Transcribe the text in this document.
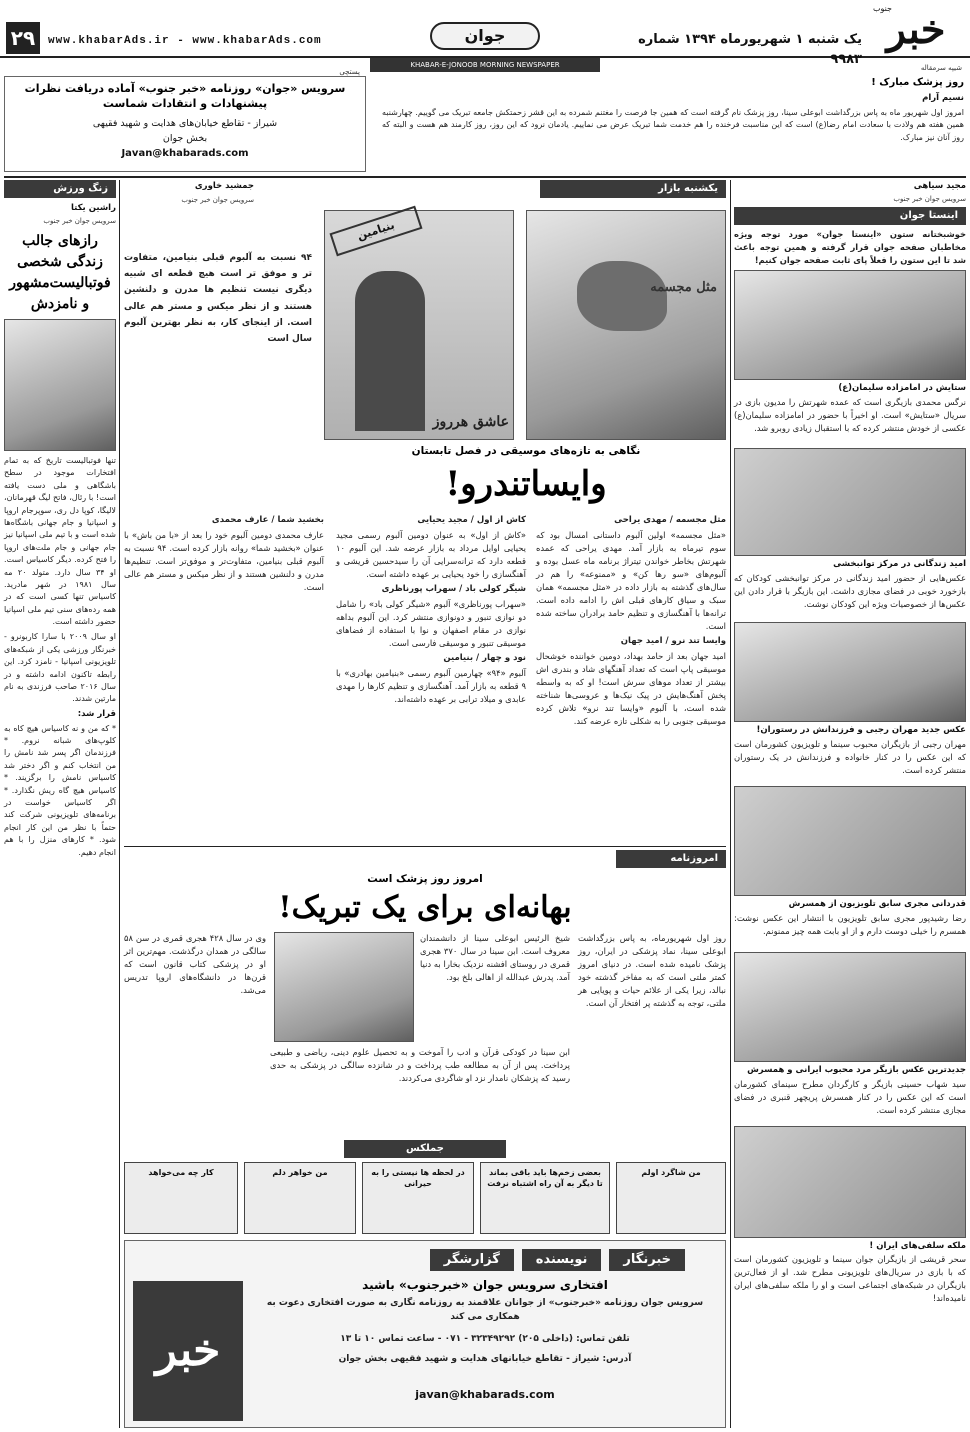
خبر
جنوب
یک شنبه ۱ شهریورماه ۱۳۹۴ شماره ۹۹۸۳
جوان
www.khabarAds.ir - www.khabarAds.com
۲۹
KHABAR-E-JONOOB MORNING NEWSPAPER
پستچی	شیپه سرمقاله
روز پزشک مبارک !
نسیم آرام
امروز اول شهریور ماه به پاس بزرگداشت ابوعلی سینا، روز پزشک نام گرفته است که همین جا فرصت را مغتنم شمرده به این قشر زحمتکش جامعه تبریک می گوییم. چهارشنبه همین هفته هم ولادت با سعادت امام رضا(ع) است که این مناسبت فرخنده را هم خدمت شما تبریک عرض می نماییم. یادمان نرود که این روز، روز کارمند هم هست و البته که روز آنان نیز مبارک.
سرویس «جوان» روزنامه «خبر جنوب» آماده دریافت نظرات پیشنهادات و انتقادات شماست
شیراز - تقاطع خیابان‌های هدایت و شهید فقیهی
بخش جوان
Javan@khabarads.com
زنگ ورزش
راشین یکتا
سرویس جوان خبر جنوب
رازهای جالب زندگی شخصی فوتبالیست‌مشهور و نامزدش
تنها فوتبالیست تاریخ که به تمام افتخارات موجود در سطح باشگاهی و ملی دست یافته است! با رئال، فاتح لیگ قهرمانان، لالیگا، کوپا دل ری، سوپرجام اروپا و اسپانیا و جام جهانی باشگاه‌ها شده است و با تیم ملی اسپانیا نیز جام جهانی و جام ملت‌های اروپا را فتح کرده. دیگر کاسیاس است. او ۳۴ سال دارد. متولد ۲۰ مه سال ۱۹۸۱ در شهر مادرید. کاسیاس تنها کسی است که در همه رده‌های سنی تیم ملی اسپانیا حضور داشته است.
او سال ۲۰۰۹ با سارا کاربونرو - خبرنگار ورزشی یکی از شبکه‌های تلویزیونی اسپانیا - نامزد کرد. این رابطه تاکنون ادامه داشته و در سال ۲۰۱۶ صاحب فرزندی به نام مارتین شدند.
قرار شد:
* که من و نه کاسیاس هیچ کاه به کلوپ‌های شبانه نروم. * فرزندمان اگر پسر شد نامش را من انتخاب کنم و اگر دختر شد کاسیاس نامش را برگزیند. * کاسیاس هیچ گاه ریش نگذارد. * اگر کاسیاس خواست در برنامه‌های تلویزیونی شرکت کند حتماً با نظر من این کار انجام شود. * کارهای منزل را با هم انجام دهیم.
یکشنبه بازار
جمشید خاوری
سرویس جوان خبر جنوب
مثل مجسمه
بنیامین
عاشق هرروز
۹۴ نسبت به آلبوم قبلی بنیامین، متفاوت تر و موفق تر است هیچ قطعه ای شبیه دیگری نیست تنظیم ها مدرن و دلنشین هستند و از نظر میکس و مستر هم عالی است. از اینجای کار، به نظر بهترین آلبوم سال است
نگاهی به تازه‌های موسیقی در فصل تابستان
وایساتندرو!
مثل مجسمه / مهدی یراحی

«مثل مجسمه» اولین آلبوم داستانی امسال بود که سوم تیرماه به بازار آمد. مهدی یراحی که عمده شهرتش بخاطر خواندن تیتراژ برنامه ماه عسل بوده و آلبوم‌های «سو رها کن» و «ممنوعه» را هم در سال‌های گذشته به بازار داده در «مثل مجسمه» همان سبک و سیاق کارهای قبلی اش را ادامه داده است. ترانه‌ها با آهنگسازی و تنظیم حامد برادران ساخته شده است.

وایسا تند نرو / امید جهان

امید جهان بعد از حامد بهداد، دومین خواننده خوشحال موسیقی پاپ است که تعداد آهنگهای شاد و بندری اش بیشتر از تعداد موهای سرش است! او که به واسطه پخش آهنگ‌هایش در پیک نیک‌ها و عروسی‌ها شناخته شده است، با آلبوم «وایسا تند نرو» تلاش کرده موسیقی جنوبی را به شکلی تازه عرضه کند.

کاش از اول / مجید یحیایی

«کاش از اول» به عنوان دومین آلبوم رسمی مجید یحیایی اوایل مرداد به بازار عرضه شد. این آلبوم ۱۰ قطعه دارد که ترانه‌سرایی آن را سیدحسین قریشی و آهنگسازی را خود یحیایی بر عهده داشته است.

شیگر کولی باد / سهراب پورناظری

«سهراب پورناظری» آلبوم «شیگر کولی باد» را شامل دو نوازی تنبور و دونوازی منتشر کرد. این آلبوم بداهه نوازی در مقام اصفهان و نوا با استفاده از فضاهای موسیقی تنبور و موسیقی فارسی است.

نود و چهار / بنیامین

آلبوم «۹۴» چهارمین آلبوم رسمی «بنیامین بهادری» با ۹ قطعه به بازار آمد. آهنگسازی و تنظیم کارها را مهدی عابدی و میلاد ترابی بر عهده داشته‌اند.

بخشید شما / عارف محمدی

عارف محمدی دومین آلبوم خود را بعد از «با من باش» با عنوان «بخشید شما» روانه بازار کرده است. ۹۴ نسبت به آلبوم قبلی بنیامین، متفاوت‌تر و موفق‌تر است. تنظیم‌ها مدرن و دلنشین هستند و از نظر میکس و مستر هم عالی است.

مجید سیاهی
سرویس جوان خبر جنوب
اینستا جوان
خوشبختانه ستون «اینستا جوان» مورد توجه ویژه مخاطبان صفحه جوان قرار گرفته و همین توجه باعث شد تا این ستون را فعلاً پای ثابت صفحه جوان کنیم!
ستایش در امامزاده سلیمان(ع)
نرگس محمدی بازیگری است که عمده شهرتش را مدیون بازی در سریال «ستایش» است. او اخیراً با حضور در امامزاده سلیمان(ع) عکسی از خودش منتشر کرده که با استقبال زیادی روبرو شد.
امید زندگانی در مرکز توانبخشی
عکس‌هایی از حضور امید زندگانی در مرکز توانبخشی کودکان که بازخورد خوبی در فضای مجازی داشت. این بازیگر با قرار دادن این عکس‌ها از خصوصیات ویژه این کودکان نوشت.
عکس جدید مهران رجبی و فرزندانش در رستوران!
مهران رجبی از بازیگران محبوب سینما و تلویزیون کشورمان است که این عکس را در کنار خانواده و فرزندانش در یک رستوران منتشر کرده است.
قدردانی مجری سابق تلویزیون از همسرش
رضا رشیدپور مجری سابق تلویزیون با انتشار این عکس نوشت: همسرم را خیلی دوست دارم و از او بابت همه چیز ممنونم.
جدیدترین عکس بازیگر مرد محبوب ایرانی و همسرش
سید شهاب حسینی بازیگر و کارگردان مطرح سینمای کشورمان است که این عکس را در کنار همسرش پریچهر قنبری در فضای مجازی منتشر کرده است.
ملکه سلفی‌های ایران !
سحر قریشی از بازیگران جوان سینما و تلویزیون کشورمان است که با بازی در سریال‌های تلویزیونی مطرح شد. او از فعال‌ترین بازیگران در شبکه‌های اجتماعی است و او را ملکه سلفی‌های ایران نامیده‌اند!
امروزنامه
امروز روز پزشک است
بهانه‌ای برای یک تبریک!
روز اول شهریورماه، به پاس بزرگداشت ابوعلی سینا، نماد پزشکی در ایران، روز پزشک نامیده شده است. در دنیای امروز کمتر ملتی است که به مفاخر گذشته خود نبالد، زیرا یکی از علائم حیات و پویایی هر ملتی، توجه به گذشته پر افتخار آن است.
شیخ الرئیس ابوعلی سینا از دانشمندان معروف است. ابن سینا در سال ۳۷۰ هجری قمری در روستای افشنه نزدیک بخارا به دنیا آمد. پدرش عبدالله از اهالی بلخ بود.
ابن سینا در کودکی قرآن و ادب را آموخت و به تحصیل علوم دینی، ریاضی و طبیعی پرداخت. پس از آن به مطالعه طب پرداخت و در شانزده سالگی در پزشکی به حدی رسید که پزشکان نامدار نزد او شاگردی می‌کردند.
وی در سال ۴۲۸ هجری قمری در سن ۵۸ سالگی در همدان درگذشت. مهم‌ترین اثر او در پزشکی کتاب قانون است که قرن‌ها در دانشگاه‌های اروپا تدریس می‌شد.
جملکس
من شاگرد اولم
بعضی زخم‌ها باید باقی بماند تا دیگر به آن راه اشتباه نرفت
در لحظه ها نیستی را به حیرانی
من خواهر دلم
کار چه می‌خواهد
خبرنگار
نویسنده
گزارشگر
افتخاری سرویس جوان «خبرجنوب» باشید
سرویس جوان روزنامه «خبرجنوب» از جوانان علاقمند به روزنامه نگاری به صورت افتخاری دعوت به همکاری می کند
تلفن تماس: (داخلی ۲۰۵) ۳۲۳۴۹۲۹۲ - ۰۷۱ - ساعت تماس ۱۰ تا ۱۳
آدرس: شیراز - تقاطع خیابانهای هدایت و شهید فقیهی بخش جوان
javan@khabarads.com
خبر
